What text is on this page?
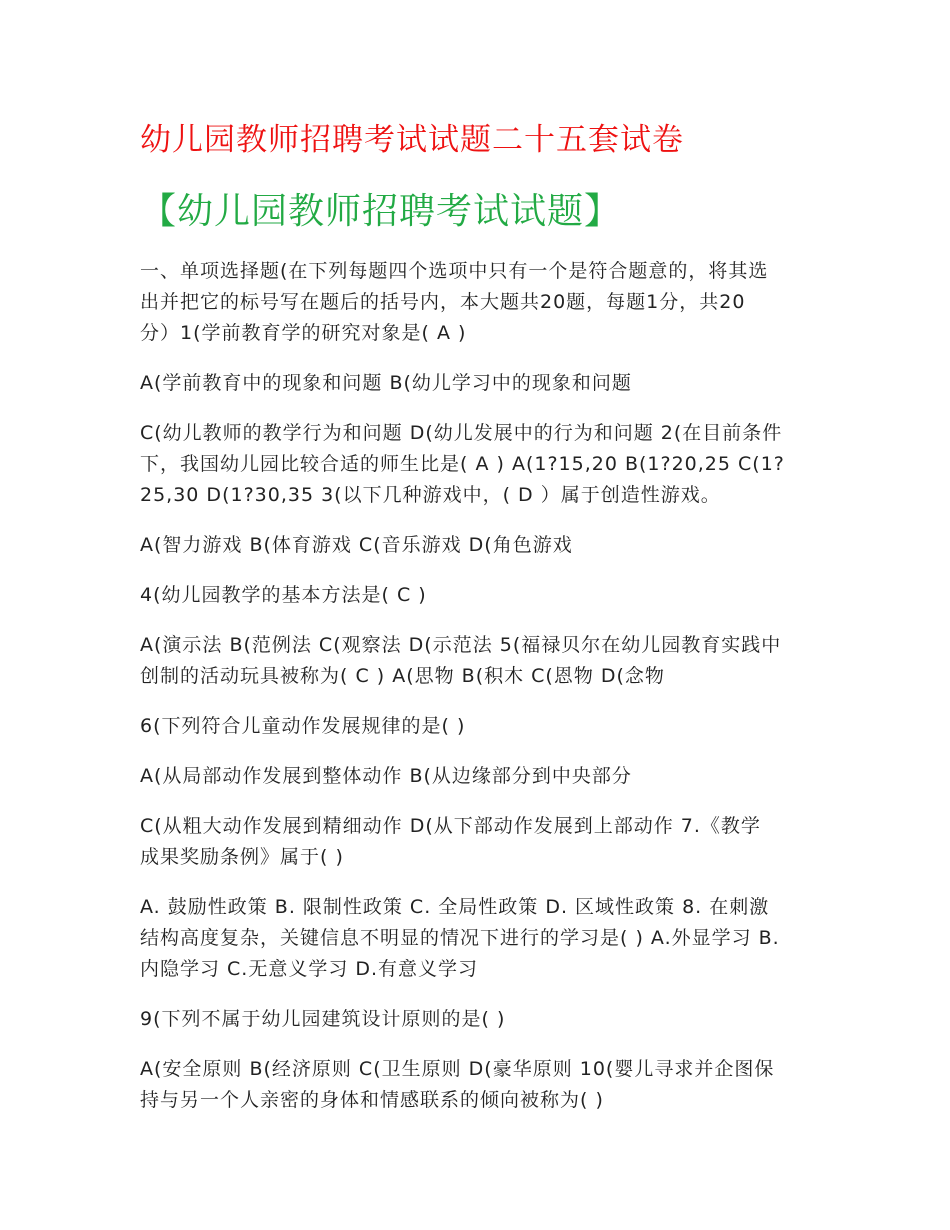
幼儿园教师招聘考试试题二十五套试卷
【幼儿园教师招聘考试试题】

一、单项选择题(在下列每题四个选项中只有一个是符合题意的，将其选
出并把它的标号写在题后的括号内，本大题共20题，每题1分，共20
分）1(学前教育学的研究对象是( A )

A(学前教育中的现象和问题 B(幼儿学习中的现象和问题

C(幼儿教师的教学行为和问题 D(幼儿发展中的行为和问题 2(在目前条件
下，我国幼儿园比较合适的师生比是( A ) A(1?15,20 B(1?20,25 C(1?
25,30 D(1?30,35 3(以下几种游戏中，( D ）属于创造性游戏。

A(智力游戏 B(体育游戏 C(音乐游戏 D(角色游戏

4(幼儿园教学的基本方法是( C )

A(演示法 B(范例法 C(观察法 D(示范法 5(福禄贝尔在幼儿园教育实践中
创制的活动玩具被称为( C ) A(思物 B(积木 C(恩物 D(念物

6(下列符合儿童动作发展规律的是( )

A(从局部动作发展到整体动作 B(从边缘部分到中央部分

C(从粗大动作发展到精细动作 D(从下部动作发展到上部动作 7.《教学
成果奖励条例》属于( )

A. 鼓励性政策 B. 限制性政策 C. 全局性政策 D. 区域性政策 8. 在刺激
结构高度复杂，关键信息不明显的情况下进行的学习是( ) A.外显学习 B.
内隐学习 C.无意义学习 D.有意义学习

9(下列不属于幼儿园建筑设计原则的是( )

A(安全原则 B(经济原则 C(卫生原则 D(豪华原则 10(婴儿寻求并企图保
持与另一个人亲密的身体和情感联系的倾向被称为( )
